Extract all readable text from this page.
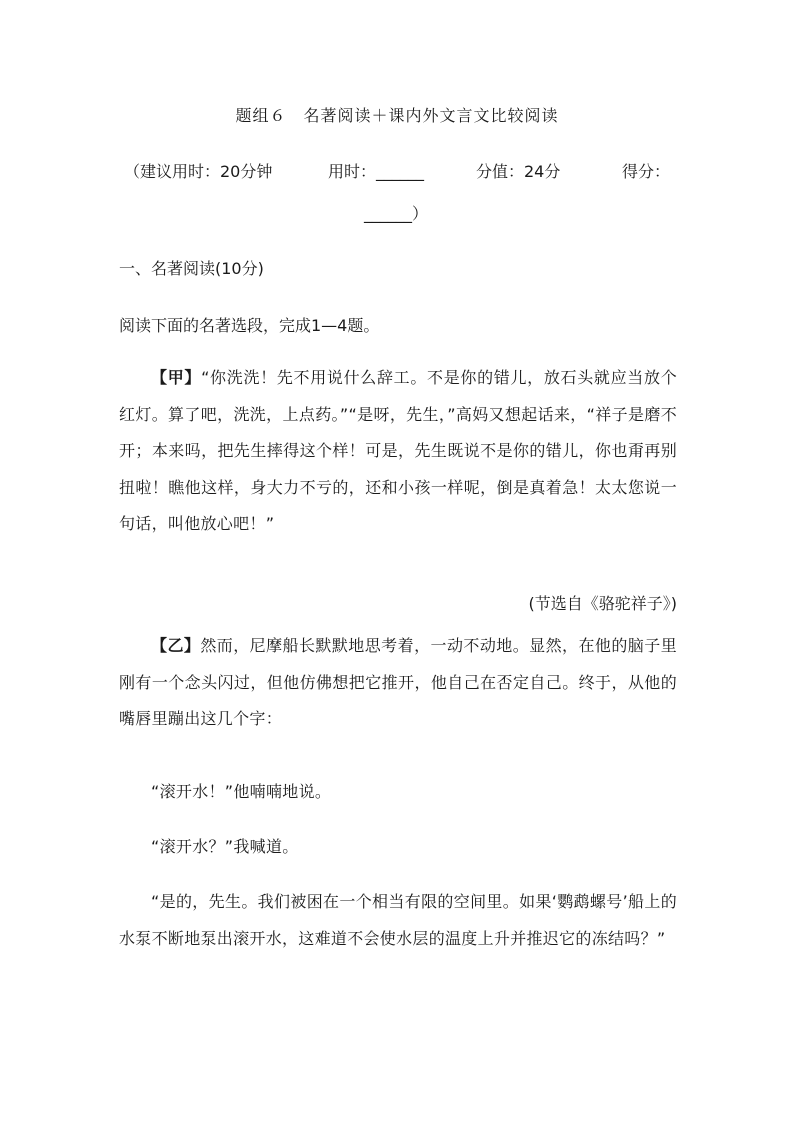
题组６　名著阅读＋课内外文言文比较阅读
（建议用时：20分钟	用时：______	分值：24分	得分：
______）
一、名著阅读(10分)
阅读下面的名著选段，完成1—4题。
【甲】“你洗洗！先不用说什么辞工。不是你的错儿，放石头就应当放个红灯。算了吧，洗洗，上点药。”“是呀，先生，”高妈又想起话来，“祥子是磨不开；本来吗，把先生摔得这个样！可是，先生既说不是你的错儿，你也甭再别扭啦！瞧他这样，身大力不亏的，还和小孩一样呢，倒是真着急！太太您说一句话，叫他放心吧！”
(节选自《骆驼祥子》)
【乙】然而，尼摩船长默默地思考着，一动不动地。显然，在他的脑子里刚有一个念头闪过，但他仿佛想把它推开，他自己在否定自己。终于，从他的嘴唇里蹦出这几个字：
“滚开水！”他喃喃地说。
“滚开水？”我喊道。
“是的，先生。我们被困在一个相当有限的空间里。如果‘鹦鹉螺号’船上的水泵不断地泵出滚开水，这难道不会使水层的温度上升并推迟它的冻结吗？”
